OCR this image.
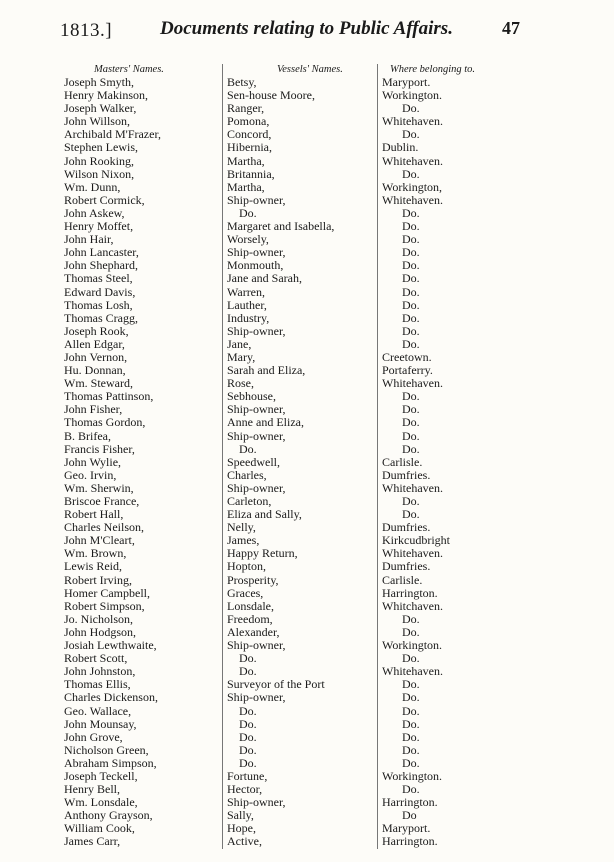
1813.]	Documents relating to Public Affairs.	47
Masters' Names.
Joseph Smyth,
Henry Makinson,
Joseph Walker,
John Willson,
Archibald M'Frazer,
Stephen Lewis,
John Rooking,
Wilson Nixon,
Wm. Dunn,
Robert Cormick,
John Askew,
Henry Moffet,
John Hair,
John Lancaster,
John Shephard,
Thomas Steel,
Edward Davis,
Thomas Losh,
Thomas Cragg,
Joseph Rook,
Allen Edgar,
John Vernon,
Hu. Donnan,
Wm. Steward,
Thomas Pattinson,
John Fisher,
Thomas Gordon,
B. Brifea,
Francis Fisher,
John Wylie,
Geo. Irvin,
Wm. Sherwin,
Briscoe France,
Robert Hall,
Charles Neilson,
John M'Cleart,
Wm. Brown,
Lewis Reid,
Robert Irving,
Homer Campbell,
Robert Simpson,
Jo. Nicholson,
John Hodgson,
Josiah Lewthwaite,
Robert Scott,
John Johnston,
Thomas Ellis,
Charles Dickenson,
Geo. Wallace,
John Mounsay,
John Grove,
Nicholson Green,
Abraham Simpson,
Joseph Teckell,
Henry Bell,
Wm. Lonsdale,
Anthony Grayson,
William Cook,
James Carr,
Vessels' Names.
Betsy,
Sen-house Moore,
Ranger,
Pomona,
Concord,
Hibernia,
Martha,
Britannia,
Martha,
Ship-owner,
Do.
Margaret and Isabella,
Worsely,
Ship-owner,
Monmouth,
Jane and Sarah,
Warren,
Lauther,
Industry,
Ship-owner,
Jane,
Mary,
Sarah and Eliza,
Rose,
Sebhouse,
Ship-owner,
Anne and Eliza,
Ship-owner,
Do.
Speedwell,
Charles,
Ship-owner,
Carleton,
Eliza and Sally,
Nelly,
James,
Happy Return,
Hopton,
Prosperity,
Graces,
Lonsdale,
Freedom,
Alexander,
Ship-owner,
Do.
Do.
Surveyor of the Port
Ship-owner,
Do.
Do.
Do.
Do.
Do.
Fortune,
Hector,
Ship-owner,
Sally,
Hope,
Active,
Where belonging to.
Maryport.
Workington.
Do.
Whitehaven.
Do.
Dublin.
Whitehaven.
Do.
Workington,
Whitehaven.
Do.
Do.
Do.
Do.
Do.
Do.
Do.
Do.
Do.
Do.
Do.
Creetown.
Portaferry.
Whitehaven.
Do.
Do.
Do.
Do.
Do.
Carlisle.
Dumfries.
Whitehaven.
Do.
Do.
Dumfries.
Kirkcudbright
Whitehaven.
Dumfries.
Carlisle.
Harrington.
Whitchaven.
Do.
Do.
Workington.
Do.
Whitehaven.
Do.
Do.
Do.
Do.
Do.
Do.
Do.
Workington.
Do.
Harrington.
Do
Maryport.
Harrington.
